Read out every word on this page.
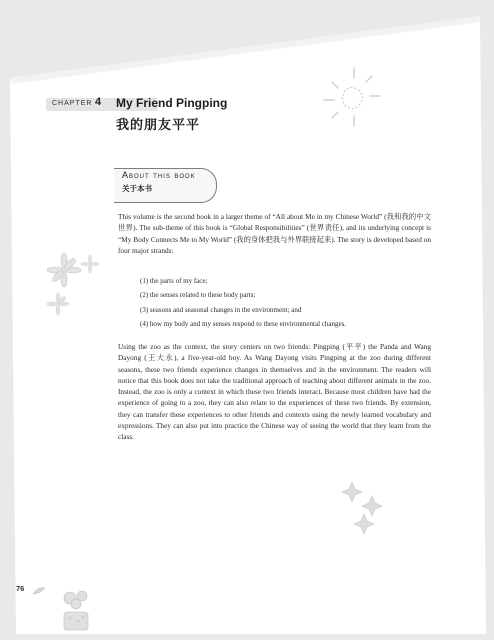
CHAPTER 4 My Friend Pingping
我的朋友平平
About this book
关于本书
This volume is the second book in a larger theme of “All about Me in my Chinese World” (我和我的中文世界). The sub-theme of this book is “Global Responsibilities” (世界责任), and its underlying concept is “My Body Connects Me to My World” (我的身体把我与外界联接起来). The story is developed based on four major strands:
(1) the parts of my face;
(2) the senses related to these body parts;
(3) seasons and seasonal changes in the environment; and
(4) how my body and my senses respond to these environmental changes.
Using the zoo as the context, the story centers on two friends: Pingping (平平) the Panda and Wang Dayong (王大永), a five-year-old boy. As Wang Dayong visits Pingping at the zoo during different seasons, these two friends experience changes in themselves and in the environment. The readers will notice that this book does not take the traditional approach of teaching about different animals in the zoo. Instead, the zoo is only a context in which these two friends interact. Because most children have had the experience of going to a zoo, they can also relate to the experiences of these two friends. By extension, they can transfer these experiences to other friends and contexts using the newly learned vocabulary and expressions. They can also put into practice the Chinese way of seeing the world that they learn from the class.
76
